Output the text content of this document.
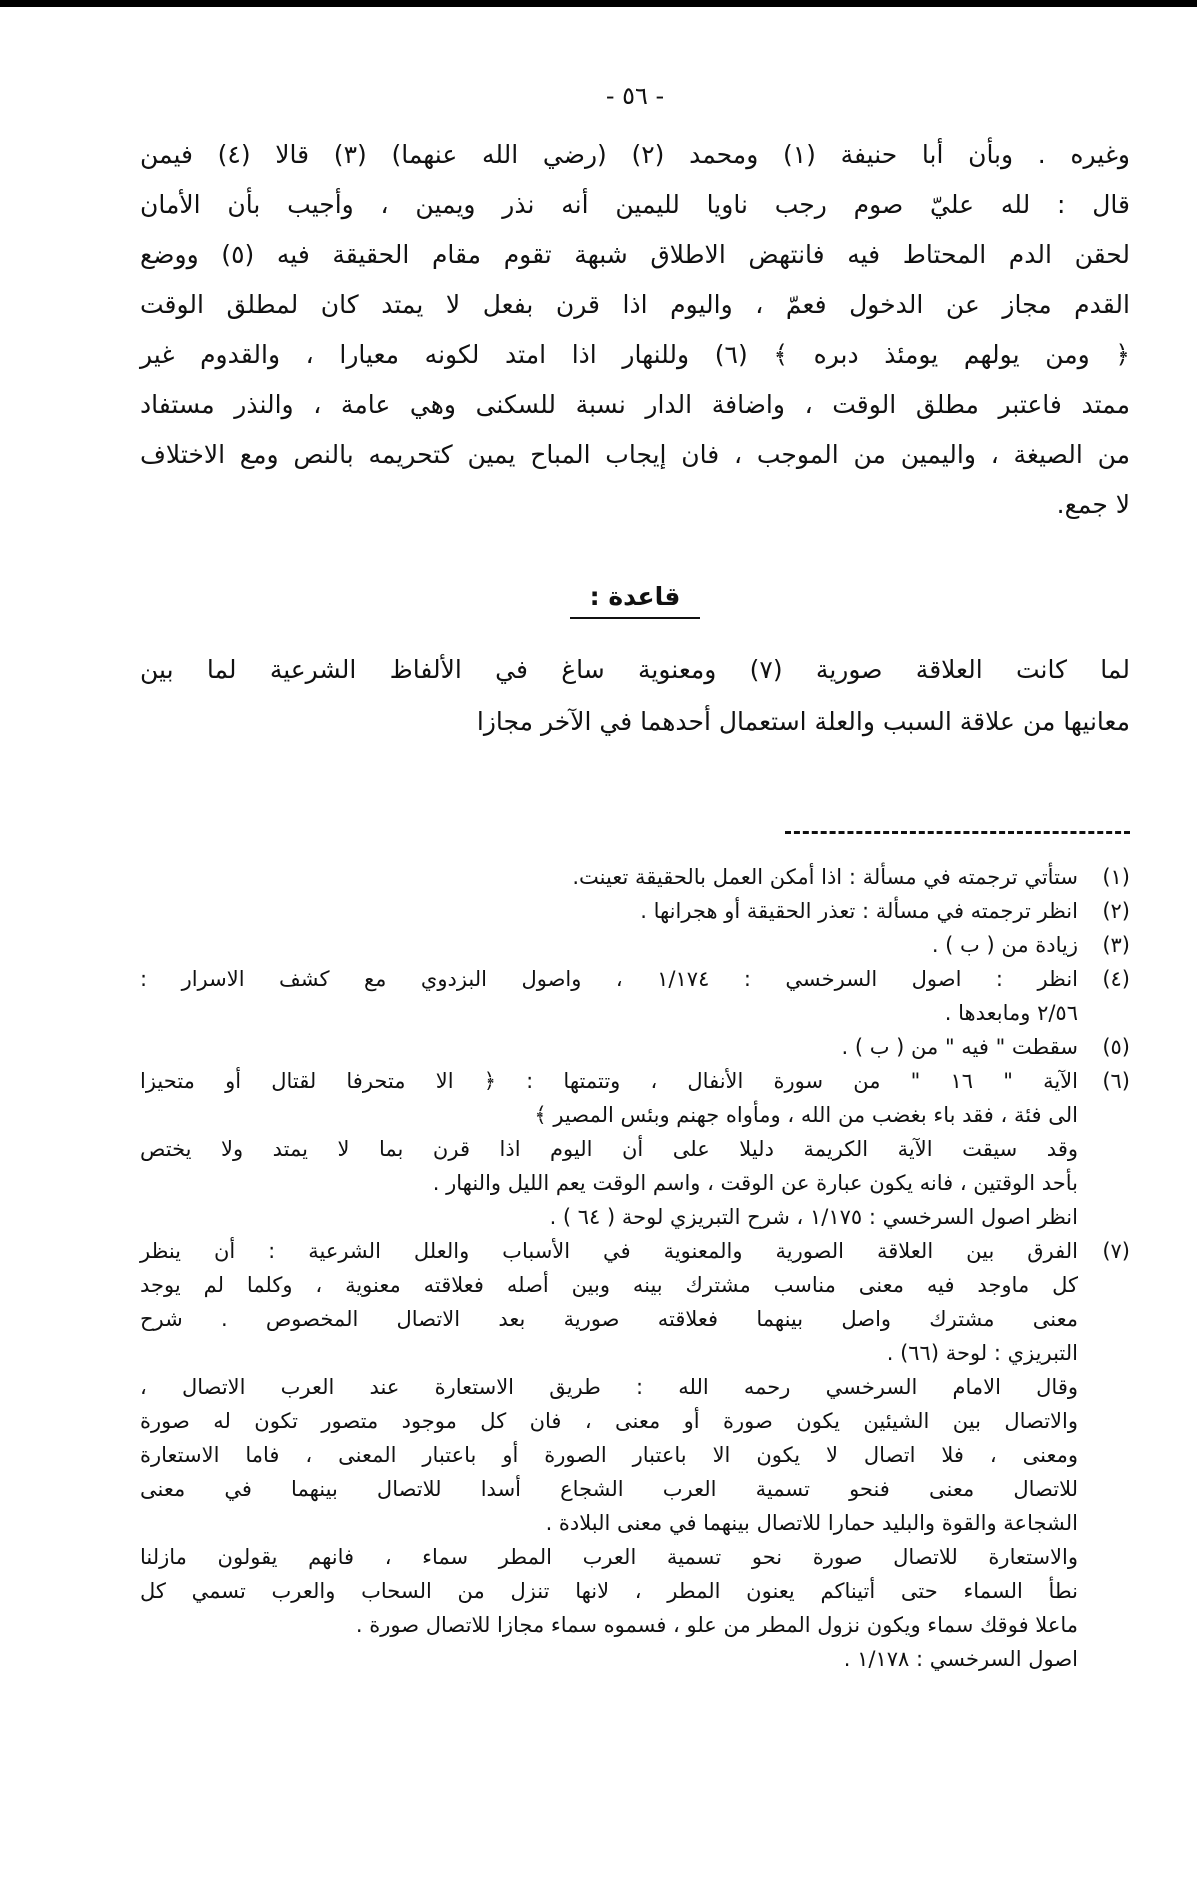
- ٥٦ -
وغيره . وبأن أبا حنيفة (١) ومحمد (٢) (رضي الله عنهما) (٣) قالا (٤) فيمن
قال : لله عليّ صوم رجب ناويا لليمين أنه نذر ويمين ، وأجيب بأن الأمان
لحقن الدم المحتاط فيه فانتهض الاطلاق شبهة تقوم مقام الحقيقة فيه (٥) ووضع
القدم مجاز عن الدخول فعمّ ، واليوم اذا قرن بفعل لا يمتد كان لمطلق الوقت
﴿ ومن يولهم يومئذ دبره ﴾ (٦) وللنهار اذا امتد لكونه معيارا ، والقدوم غير
ممتد فاعتبر مطلق الوقت ، واضافة الدار نسبة للسكنى وهي عامة ، والنذر مستفاد
من الصيغة ، واليمين من الموجب ، فان إيجاب المباح يمين كتحريمه بالنص ومع الاختلاف
لا جمع.
قاعدة :
لما كانت العلاقة صورية (٧) ومعنوية ساغ في الألفاظ الشرعية لما بين
معانيها من علاقة السبب والعلة استعمال أحدهما في الآخر مجازا
(١)
ستأتي ترجمته في مسألة : اذا أمكن العمل بالحقيقة تعينت.
(٢)
انظر ترجمته في مسألة : تعذر الحقيقة أو هجرانها .
(٣)
زيادة من ( ب ) .
(٤)
انظر : اصول السرخسي : ١/١٧٤ ، واصول البزدوي مع كشف الاسرار :
٢/٥٦ ومابعدها .
(٥)
سقطت " فيه " من ( ب ) .
(٦)
الآية " ١٦ " من سورة الأنفال ، وتتمتها : ﴿ الا متحرفا لقتال أو متحيزا
الى فئة ، فقد باء بغضب من الله ، ومأواه جهنم وبئس المصير ﴾
وقد سيقت الآية الكريمة دليلا على أن اليوم اذا قرن بما لا يمتد ولا يختص
بأحد الوقتين ، فانه يكون عبارة عن الوقت ، واسم الوقت يعم الليل والنهار .
انظر اصول السرخسي : ١/١٧٥ ، شرح التبريزي لوحة ( ٦٤ ) .
(٧)
الفرق بين العلاقة الصورية والمعنوية في الأسباب والعلل الشرعية : أن ينظر
كل ماوجد فيه معنى مناسب مشترك بينه وبين أصله فعلاقته معنوية ، وكلما لم يوجد
معنى مشترك واصل بينهما فعلاقته صورية بعد الاتصال المخصوص . شرح
التبريزي : لوحة (٦٦) .
وقال الامام السرخسي رحمه الله : طريق الاستعارة عند العرب الاتصال ،
والاتصال بين الشيئين يكون صورة أو معنى ، فان كل موجود متصور تكون له صورة
ومعنى ، فلا اتصال لا يكون الا باعتبار الصورة أو باعتبار المعنى ، فاما الاستعارة
للاتصال معنى فنحو تسمية العرب الشجاع أسدا للاتصال بينهما في معنى
الشجاعة والقوة والبليد حمارا للاتصال بينهما في معنى البلادة .
والاستعارة للاتصال صورة نحو تسمية العرب المطر سماء ، فانهم يقولون مازلنا
نطأ السماء حتى أتيناكم يعنون المطر ، لانها تنزل من السحاب والعرب تسمي كل
ماعلا فوقك سماء ويكون نزول المطر من علو ، فسموه سماء مجازا للاتصال صورة .
اصول السرخسي : ١/١٧٨ .
